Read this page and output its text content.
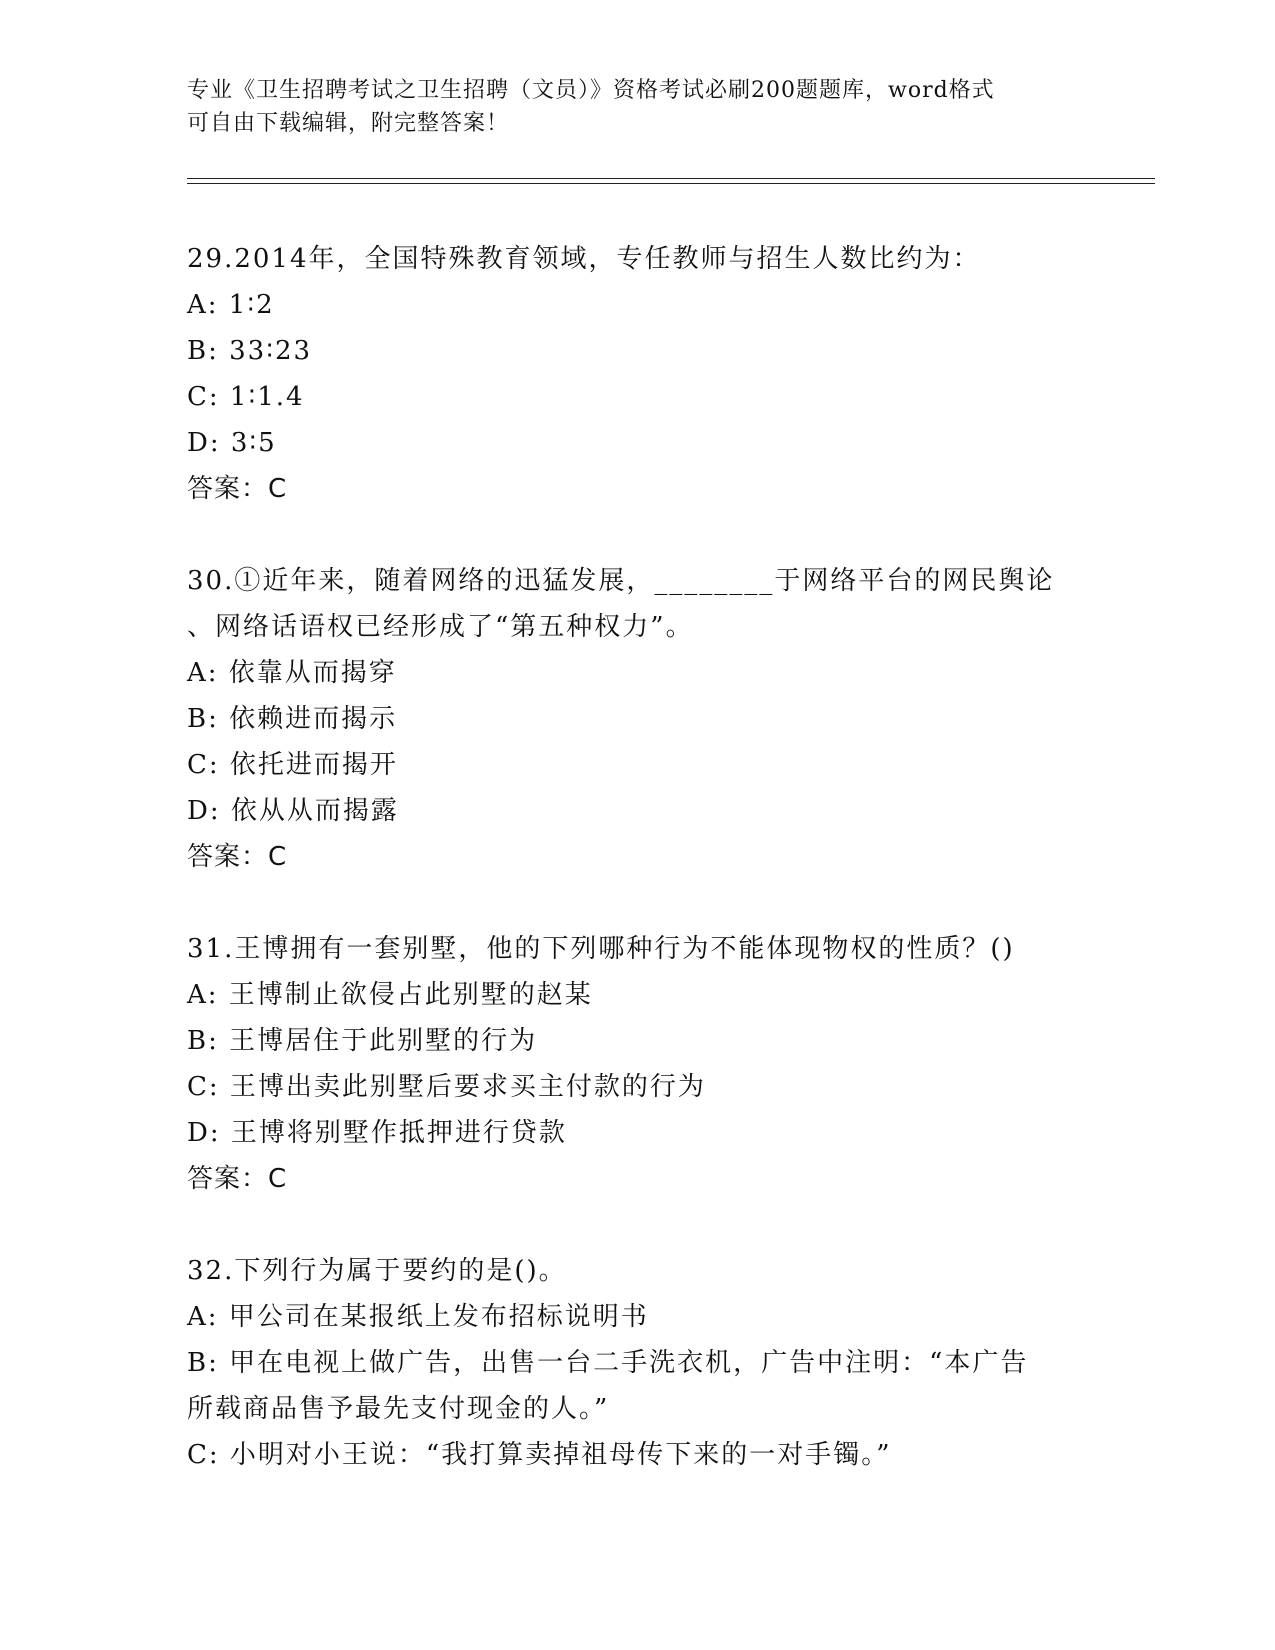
专业《卫生招聘考试之卫生招聘（文员）》资格考试必刷200题题库，word格式
可自由下载编辑，附完整答案！
29.2014年，全国特殊教育领域，专任教师与招生人数比约为：
A: 1∶2
B: 33∶23
C: 1∶1.4
D: 3∶5
答案：C
30.①近年来，随着网络的迅猛发展，________于网络平台的网民舆论
、网络话语权已经形成了“第五种权力”。
A: 依靠从而揭穿
B: 依赖进而揭示
C: 依托进而揭开
D: 依从从而揭露
答案：C
31.王博拥有一套别墅，他的下列哪种行为不能体现物权的性质？()
A: 王博制止欲侵占此别墅的赵某
B: 王博居住于此别墅的行为
C: 王博出卖此别墅后要求买主付款的行为
D: 王博将别墅作抵押进行贷款
答案：C
32.下列行为属于要约的是()。
A: 甲公司在某报纸上发布招标说明书
B: 甲在电视上做广告，出售一台二手洗衣机，广告中注明：“本广告
所载商品售予最先支付现金的人。”
C: 小明对小王说：“我打算卖掉祖母传下来的一对手镯。”
